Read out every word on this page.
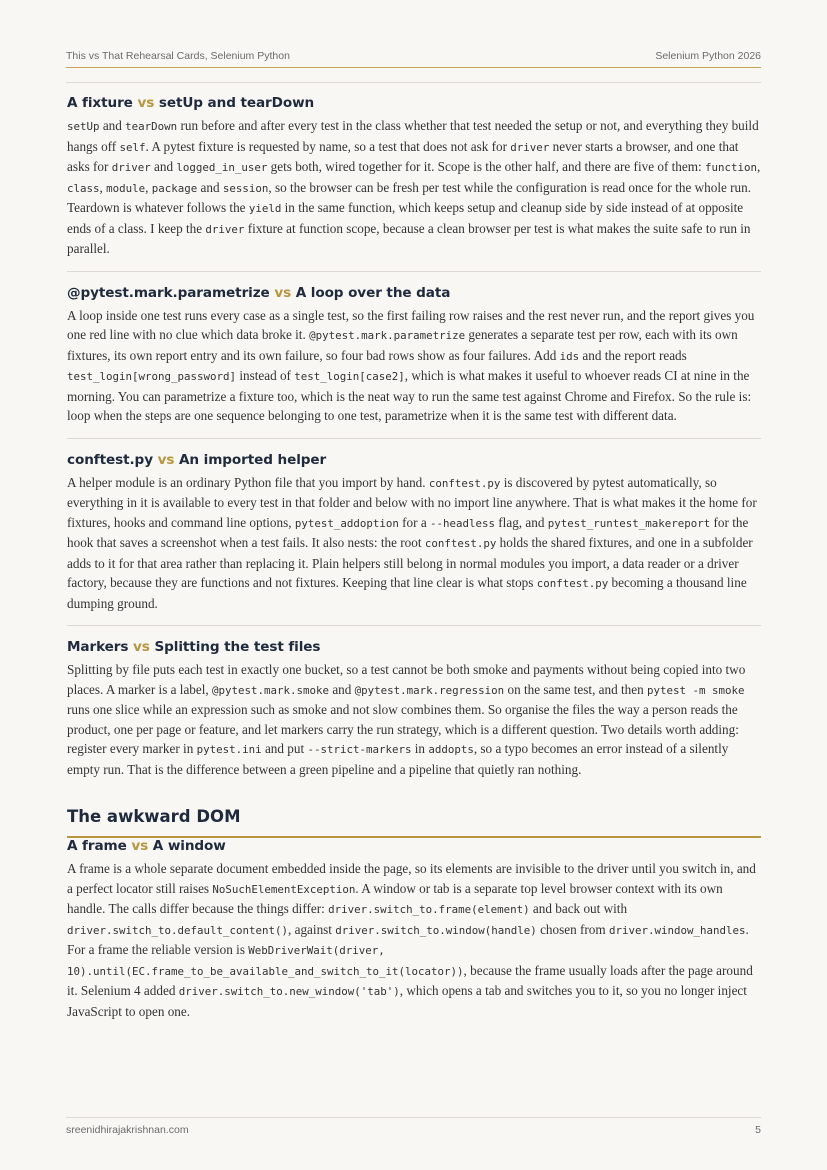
This vs That Rehearsal Cards, Selenium Python	Selenium Python 2026
A fixture vs setUp and tearDown

setUp and tearDown run before and after every test in the class whether that test needed the setup or not, and everything they build hangs off self. A pytest fixture is requested by name, so a test that does not ask for driver never starts a browser, and one that asks for driver and logged_in_user gets both, wired together for it. Scope is the other half, and there are five of them: function, class, module, package and session, so the browser can be fresh per test while the configuration is read once for the whole run. Teardown is whatever follows the yield in the same function, which keeps setup and cleanup side by side instead of at opposite ends of a class. I keep the driver fixture at function scope, because a clean browser per test is what makes the suite safe to run in parallel.

@pytest.mark.parametrize vs A loop over the data

A loop inside one test runs every case as a single test, so the first failing row raises and the rest never run, and the report gives you one red line with no clue which data broke it. @pytest.mark.parametrize generates a separate test per row, each with its own fixtures, its own report entry and its own failure, so four bad rows show as four failures. Add ids and the report reads test_login[wrong_password] instead of test_login[case2], which is what makes it useful to whoever reads CI at nine in the morning. You can parametrize a fixture too, which is the neat way to run the same test against Chrome and Firefox. So the rule is: loop when the steps are one sequence belonging to one test, parametrize when it is the same test with different data.

conftest.py vs An imported helper

A helper module is an ordinary Python file that you import by hand. conftest.py is discovered by pytest automatically, so everything in it is available to every test in that folder and below with no import line anywhere. That is what makes it the home for fixtures, hooks and command line options, pytest_addoption for a --headless flag, and pytest_runtest_makereport for the hook that saves a screenshot when a test fails. It also nests: the root conftest.py holds the shared fixtures, and one in a subfolder adds to it for that area rather than replacing it. Plain helpers still belong in normal modules you import, a data reader or a driver factory, because they are functions and not fixtures. Keeping that line clear is what stops conftest.py becoming a thousand line dumping ground.

Markers vs Splitting the test files

Splitting by file puts each test in exactly one bucket, so a test cannot be both smoke and payments without being copied into two places. A marker is a label, @pytest.mark.smoke and @pytest.mark.regression on the same test, and then pytest -m smoke runs one slice while an expression such as smoke and not slow combines them. So organise the files the way a person reads the product, one per page or feature, and let markers carry the run strategy, which is a different question. Two details worth adding: register every marker in pytest.ini and put --strict-markers in addopts, so a typo becomes an error instead of a silently empty run. That is the difference between a green pipeline and a pipeline that quietly ran nothing.

The awkward DOM
A frame vs A window

A frame is a whole separate document embedded inside the page, so its elements are invisible to the driver until you switch in, and a perfect locator still raises NoSuchElementException. A window or tab is a separate top level browser context with its own handle. The calls differ because the things differ: driver.switch_to.frame(element) and back out with driver.switch_to.default_content(), against driver.switch_to.window(handle) chosen from driver.window_handles. For a frame the reliable version is WebDriverWait(driver, 10).until(EC.frame_to_be_available_and_switch_to_it(locator)), because the frame usually loads after the page around it. Selenium 4 added driver.switch_to.new_window('tab'), which opens a tab and switches you to it, so you no longer inject JavaScript to open one.

sreenidhirajakrishnan.com	5
